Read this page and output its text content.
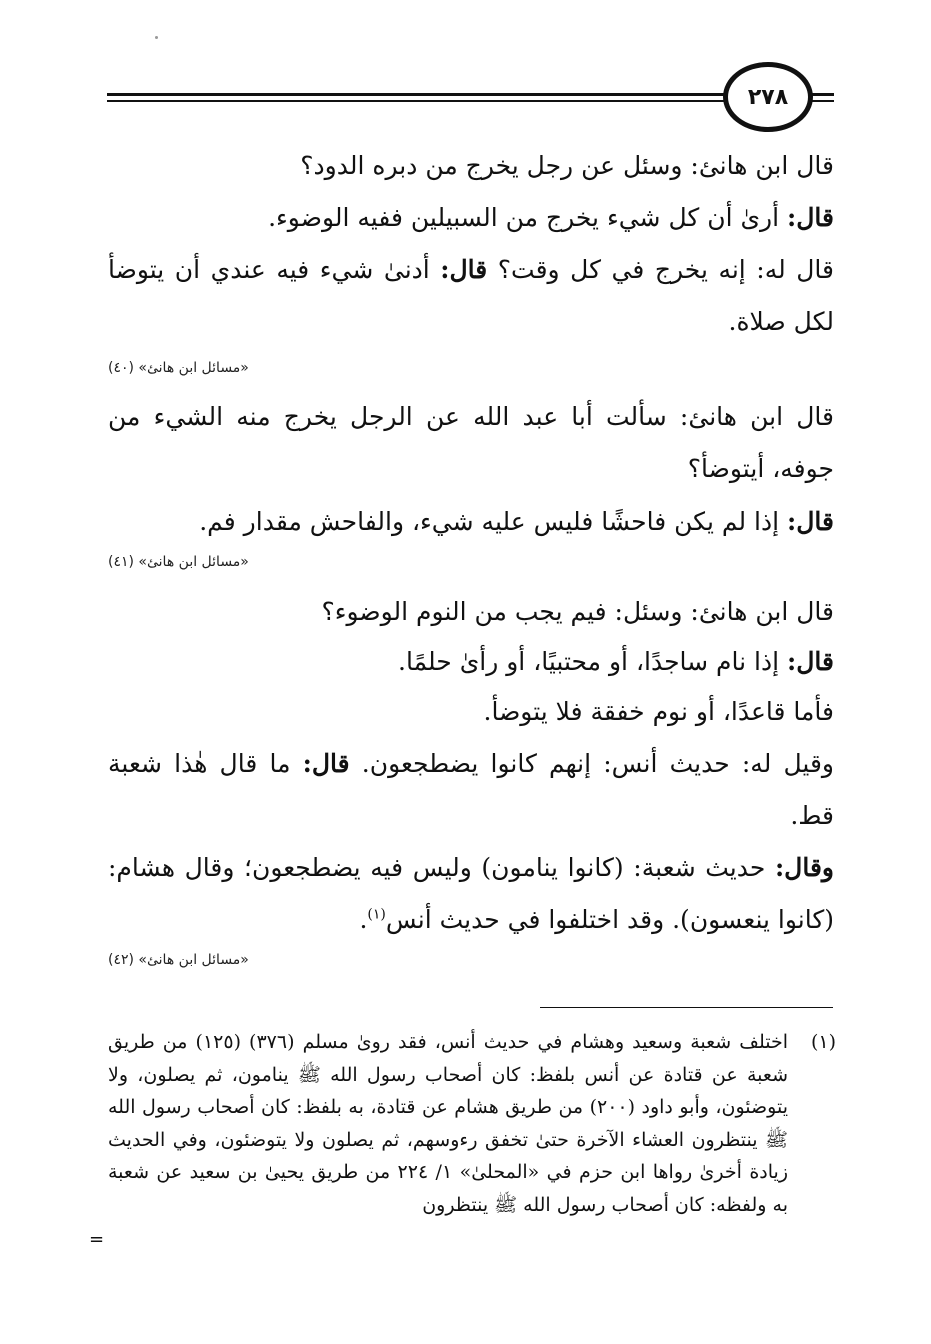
٢٧٨
قال ابن هانئ: وسئل عن رجل يخرج من دبره الدود؟
قال: أرىٰ أن كل شيء يخرج من السبيلين ففيه الوضوء.
قال له: إنه يخرج في كل وقت؟ قال: أدنىٰ شيء فيه عندي أن يتوضأ لكل صلاة.
«مسائل ابن هانئ» (٤٠)
قال ابن هانئ: سألت أبا عبد الله عن الرجل يخرج منه الشيء من جوفه، أيتوضأ؟
قال: إذا لم يكن فاحشًا فليس عليه شيء، والفاحش مقدار فم.
«مسائل ابن هانئ» (٤١)
قال ابن هانئ: وسئل: فيم يجب من النوم الوضوء؟
قال: إذا نام ساجدًا، أو محتبيًا، أو رأىٰ حلمًا.
فأما قاعدًا، أو نوم خفقة فلا يتوضأ.
وقيل له: حديث أنس: إنهم كانوا يضطجعون. قال: ما قال هٰذا شعبة قط.
وقال: حديث شعبة: (كانوا ينامون) وليس فيه يضطجعون؛ وقال هشام: (كانوا ينعسون). وقد اختلفوا في حديث أنس$^{(١)}$.
«مسائل ابن هانئ» (٤٢)
(١)
اختلف شعبة وسعيد وهشام في حديث أنس، فقد روىٰ مسلم (٣٧٦) (١٢٥) من طريق شعبة عن قتادة عن أنس بلفظ: كان أصحاب رسول الله ﷺ ينامون، ثم يصلون، ولا يتوضئون، وأبو داود (٢٠٠) من طريق هشام عن قتادة، به بلفظ: كان أصحاب رسول الله ﷺ ينتظرون العشاء الآخرة حتىٰ تخفق رءوسهم، ثم يصلون ولا يتوضئون، وفي الحديث زيادة أخرىٰ رواها ابن حزم في «المحلىٰ» ١/ ٢٢٤ من طريق يحيىٰ بن سعيد عن شعبة به ولفظه: كان أصحاب رسول الله ﷺ ينتظرون
=
